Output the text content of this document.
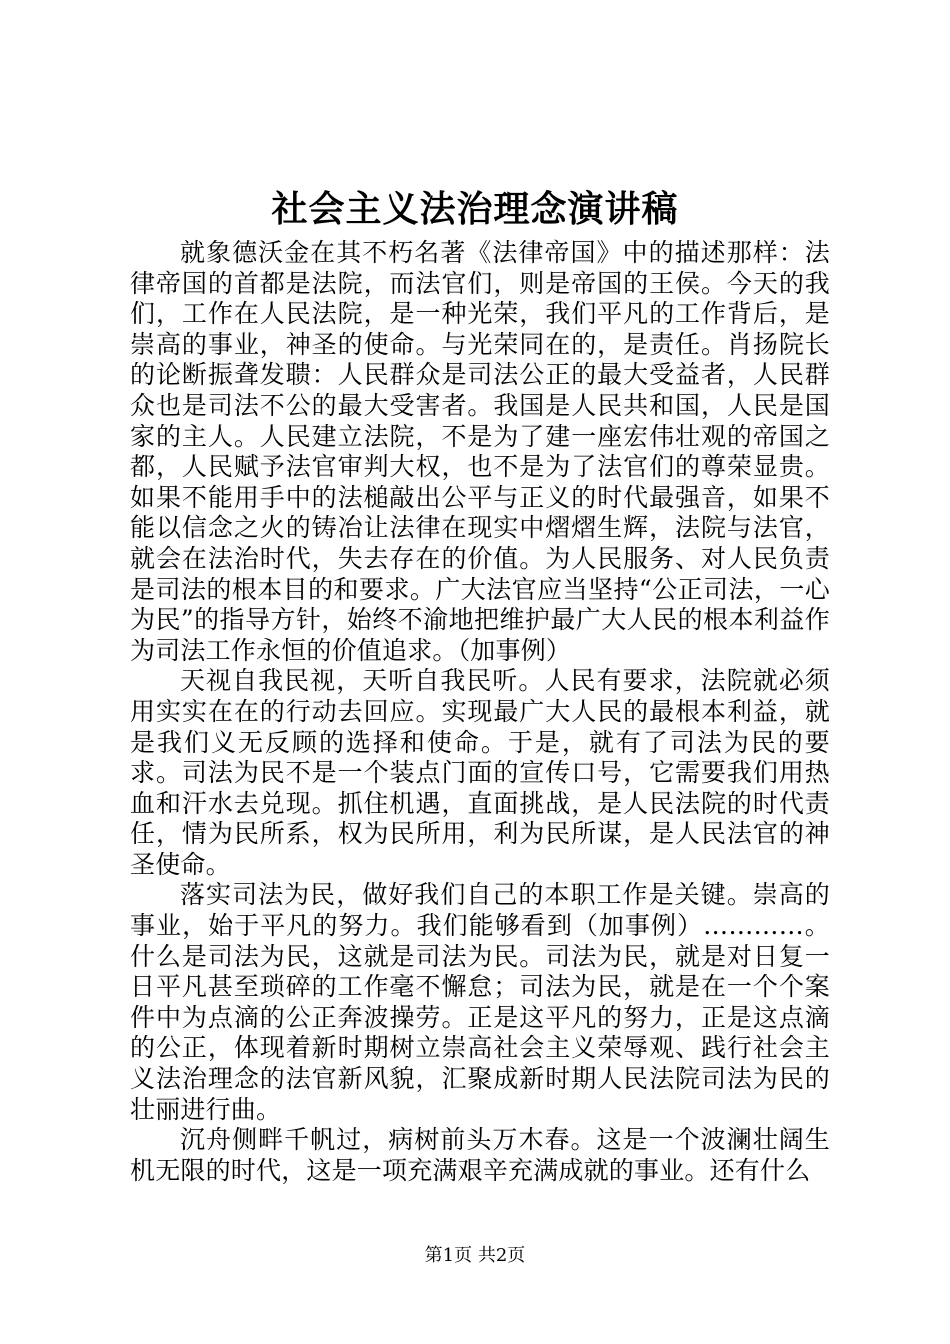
社会主义法治理念演讲稿

就象德沃金在其不朽名著《法律帝国》中的描述那样：法律帝国的首都是法院，而法官们，则是帝国的王侯。今天的我们，工作在人民法院，是一种光荣，我们平凡的工作背后，是崇高的事业，神圣的使命。与光荣同在的，是责任。肖扬院长的论断振聋发聩：人民群众是司法公正的最大受益者，人民群众也是司法不公的最大受害者。我国是人民共和国，人民是国家的主人。人民建立法院，不是为了建一座宏伟壮观的帝国之都，人民赋予法官审判大权，也不是为了法官们的尊荣显贵。如果不能用手中的法槌敲出公平与正义的时代最强音，如果不能以信念之火的铸冶让法律在现实中熠熠生辉，法院与法官，就会在法治时代，失去存在的价值。为人民服务、对人民负责是司法的根本目的和要求。广大法官应当坚持“公正司法，一心为民”的指导方针，始终不渝地把维护最广大人民的根本利益作为司法工作永恒的价值追求。（加事例）

天视自我民视，天听自我民听。人民有要求，法院就必须用实实在在的行动去回应。实现最广大人民的最根本利益，就是我们义无反顾的选择和使命。于是，就有了司法为民的要求。司法为民不是一个装点门面的宣传口号，它需要我们用热血和汗水去兑现。抓住机遇，直面挑战，是人民法院的时代责任，情为民所系，权为民所用，利为民所谋，是人民法官的神圣使命。

落实司法为民，做好我们自己的本职工作是关键。崇高的事业，始于平凡的努力。我们能够看到（加事例）…………。什么是司法为民，这就是司法为民。司法为民，就是对日复一日平凡甚至琐碎的工作毫不懈怠；司法为民，就是在一个个案件中为点滴的公正奔波操劳。正是这平凡的努力，正是这点滴的公正，体现着新时期树立崇高社会主义荣辱观、践行社会主义法治理念的法官新风貌，汇聚成新时期人民法院司法为民的壮丽进行曲。

沉舟侧畔千帆过，病树前头万木春。这是一个波澜壮阔生机无限的时代，这是一项充满艰辛充满成就的事业。还有什么

第1页 共2页
